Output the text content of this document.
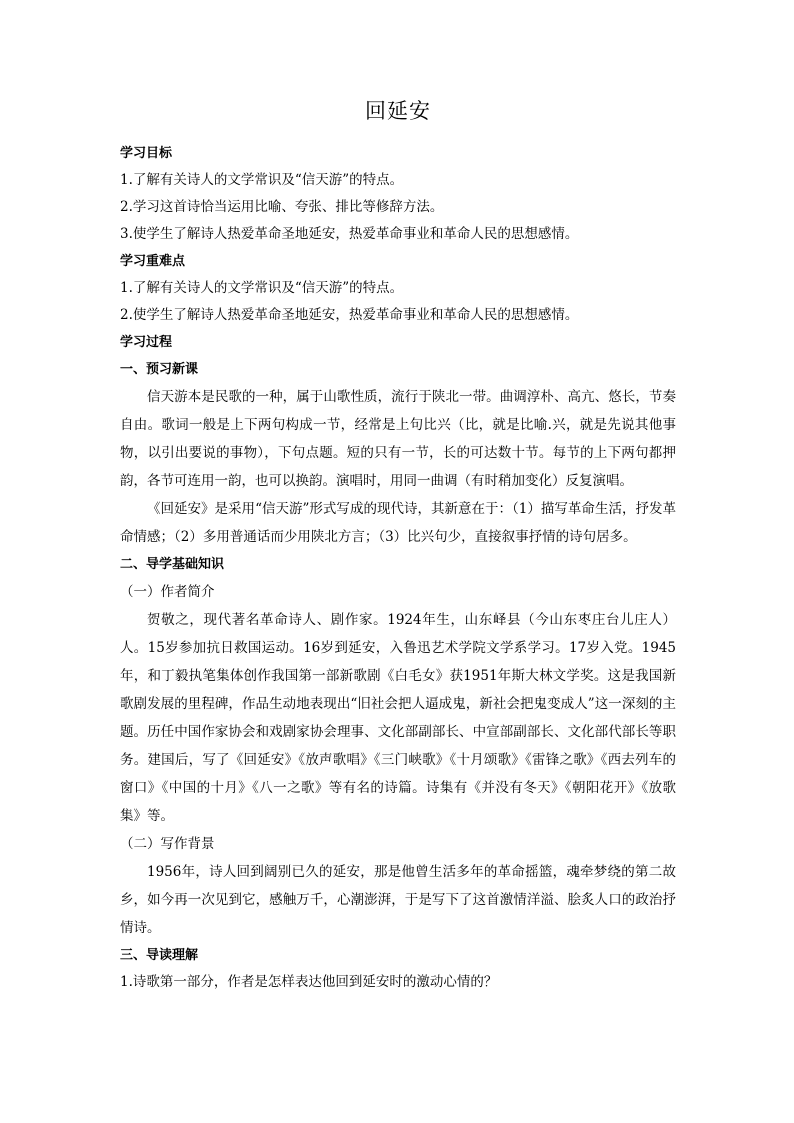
回延安

学习目标

1.了解有关诗人的文学常识及“信天游”的特点。

2.学习这首诗恰当运用比喻、夸张、排比等修辞方法。

3.使学生了解诗人热爱革命圣地延安，热爱革命事业和革命人民的思想感情。

学习重难点

1.了解有关诗人的文学常识及“信天游”的特点。

2.使学生了解诗人热爱革命圣地延安，热爱革命事业和革命人民的思想感情。

学习过程

一、预习新课

信天游本是民歌的一种，属于山歌性质，流行于陕北一带。曲调淳朴、高亢、悠长，节奏自由。歌词一般是上下两句构成一节，经常是上句比兴（比，就是比喻.兴，就是先说其他事物，以引出要说的事物），下句点题。短的只有一节，长的可达数十节。每节的上下两句都押韵，各节可连用一韵，也可以换韵。演唱时，用同一曲调（有时稍加变化）反复演唱。

《回延安》是采用“信天游”形式写成的现代诗，其新意在于：（1）描写革命生活，抒发革命情感；（2）多用普通话而少用陕北方言；（3）比兴句少，直接叙事抒情的诗句居多。

二、导学基础知识

（一）作者简介

贺敬之，现代著名革命诗人、剧作家。1924年生，山东峄县（今山东枣庄台儿庄人）人。15岁参加抗日救国运动。16岁到延安，入鲁迅艺术学院文学系学习。17岁入党。1945年，和丁毅执笔集体创作我国第一部新歌剧《白毛女》获1951年斯大林文学奖。这是我国新歌剧发展的里程碑，作品生动地表现出“旧社会把人逼成鬼，新社会把鬼变成人”这一深刻的主题。历任中国作家协会和戏剧家协会理事、文化部副部长、中宣部副部长、文化部代部长等职务。建国后，写了《回延安》《放声歌唱》《三门峡歌》《十月颂歌》《雷锋之歌》《西去列车的窗口》《中国的十月》《八一之歌》等有名的诗篇。诗集有《并没有冬天》《朝阳花开》《放歌集》等。

（二）写作背景

1956年，诗人回到阔别已久的延安，那是他曾生活多年的革命摇篮，魂牵梦绕的第二故乡，如今再一次见到它，感触万千，心潮澎湃，于是写下了这首激情洋溢、脍炙人口的政治抒情诗。

三、导读理解

1.诗歌第一部分，作者是怎样表达他回到延安时的激动心情的？
